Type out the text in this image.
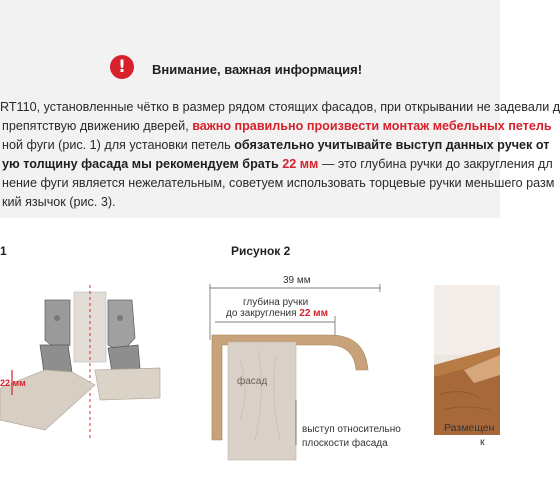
!	Внимание, важная информация!
RT110, установленные чётко в размер рядом стоящих фасадов, при открывании не задевали д
препятствую движению дверей, важно правильно произвести монтаж мебельных петель
ной фуги (рис. 1) для установки петель обязательно учитывайте выступ данных ручек от
ую толщину фасада мы рекомендуем брать 22 мм — это глубина ручки до закругления дл
нение фуги является нежелательным, советуем использовать торцевые ручки меньшего разм
кий язычок (рис. 3).
1	Рисунок 2
39 мм
глубина ручки
до закругления 22 мм
фасад
выступ относительно
плоскости фасада
22 мм
Размещен
к
